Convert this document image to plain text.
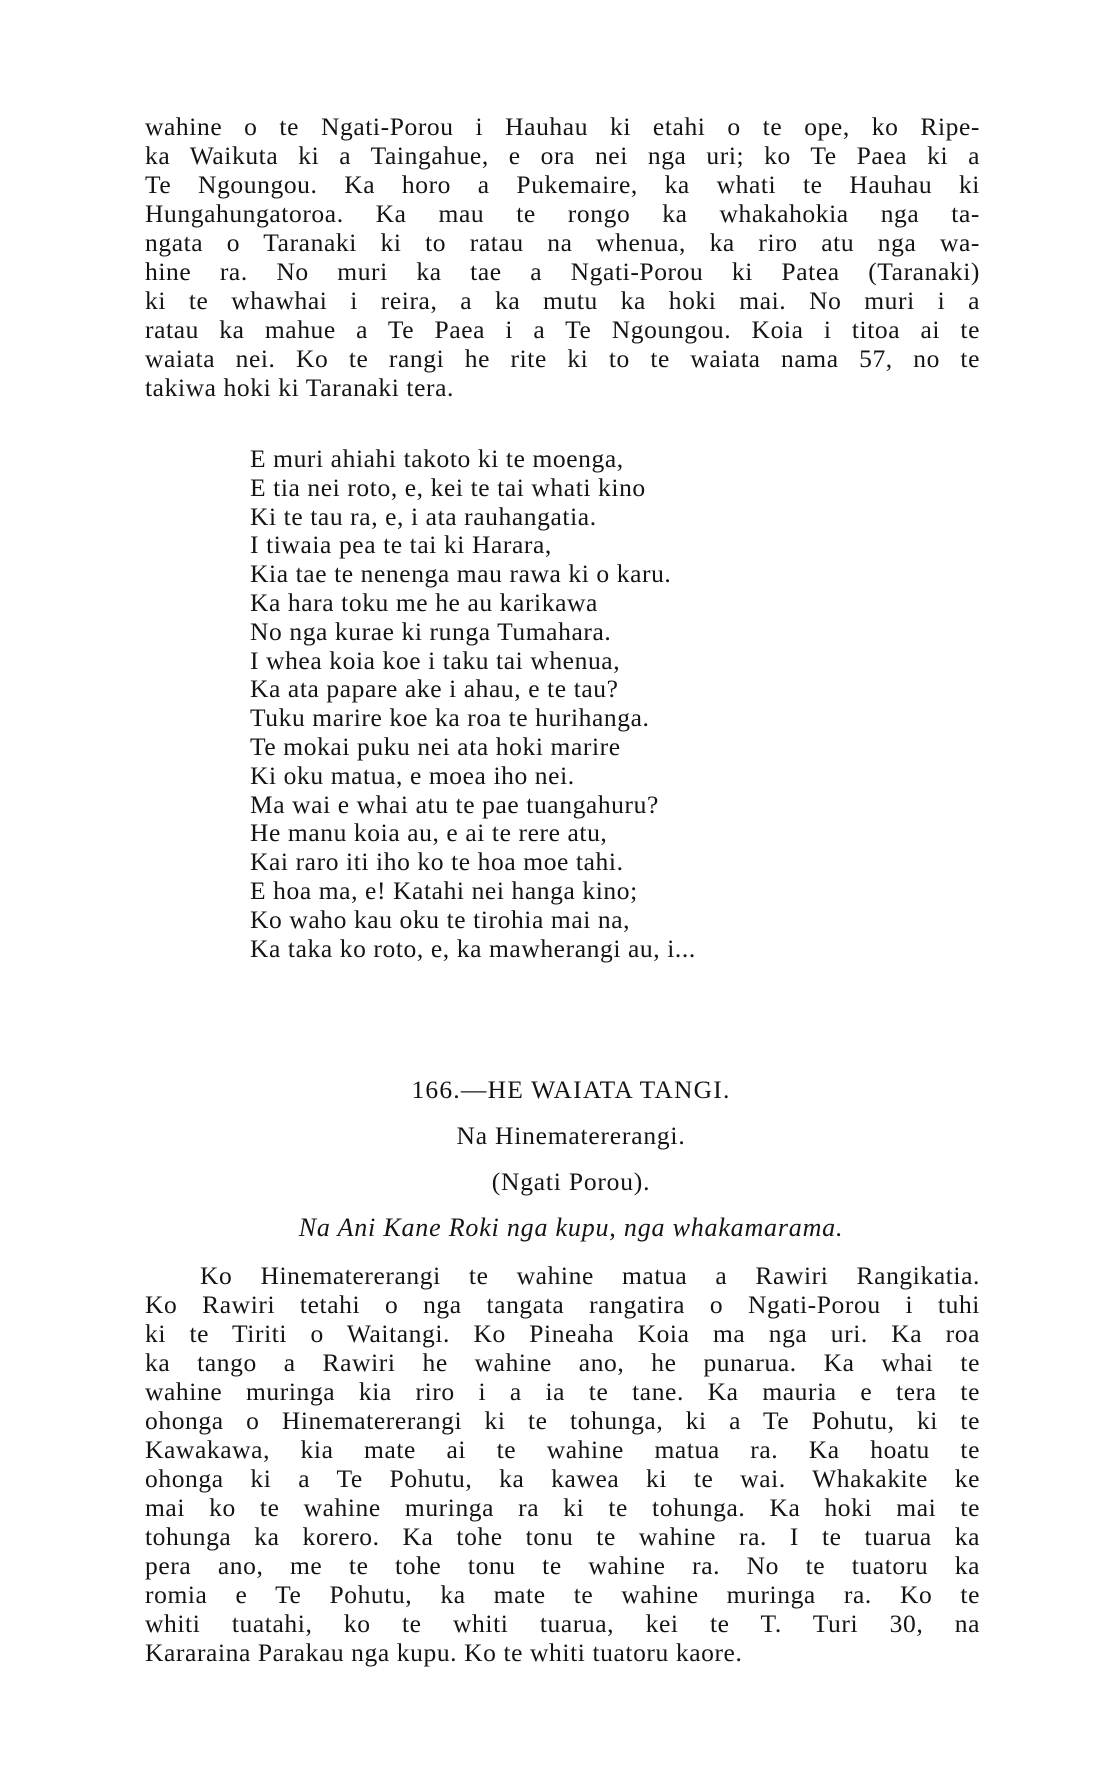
wahine o te Ngati-Porou i Hauhau ki etahi o te ope, ko Ripe-
ka Waikuta ki a Taingahue, e ora nei nga uri; ko Te Paea ki a
Te Ngoungou. Ka horo a Pukemaire, ka whati te Hauhau ki
Hungahungatoroa. Ka mau te rongo ka whakahokia nga ta-
ngata o Taranaki ki to ratau na whenua, ka riro atu nga wa-
hine ra. No muri ka tae a Ngati-Porou ki Patea (Taranaki)
ki te whawhai i reira, a ka mutu ka hoki mai. No muri i a
ratau ka mahue a Te Paea i a Te Ngoungou. Koia i titoa ai te
waiata nei. Ko te rangi he rite ki to te waiata nama 57, no te
takiwa hoki ki Taranaki tera.
E muri ahiahi takoto ki te moenga,
E tia nei roto, e, kei te tai whati kino
Ki te tau ra, e, i ata rauhangatia.
I tiwaia pea te tai ki Harara,
Kia tae te nenenga mau rawa ki o karu.
Ka hara toku me he au karikawa
No nga kurae ki runga Tumahara.
I whea koia koe i taku tai whenua,
Ka ata papare ake i ahau, e te tau?
Tuku marire koe ka roa te hurihanga.
Te mokai puku nei ata hoki marire
Ki oku matua, e moea iho nei.
Ma wai e whai atu te pae tuangahuru?
He manu koia au, e ai te rere atu,
Kai raro iti iho ko te hoa moe tahi.
E hoa ma, e! Katahi nei hanga kino;
Ko waho kau oku te tirohia mai na,
Ka taka ko roto, e, ka mawherangi au, i...
166.—HE WAIATA TANGI.
Na Hinematererangi.
(Ngati Porou).
Na Ani Kane Roki nga kupu, nga whakamarama.
Ko Hinematererangi te wahine matua a Rawiri Rangikatia.
Ko Rawiri tetahi o nga tangata rangatira o Ngati-Porou i tuhi
ki te Tiriti o Waitangi. Ko Pineaha Koia ma nga uri. Ka roa
ka tango a Rawiri he wahine ano, he punarua. Ka whai te
wahine muringa kia riro i a ia te tane. Ka mauria e tera te
ohonga o Hinematererangi ki te tohunga, ki a Te Pohutu, ki te
Kawakawa, kia mate ai te wahine matua ra. Ka hoatu te
ohonga ki a Te Pohutu, ka kawea ki te wai. Whakakite ke
mai ko te wahine muringa ra ki te tohunga. Ka hoki mai te
tohunga ka korero. Ka tohe tonu te wahine ra. I te tuarua ka
pera ano, me te tohe tonu te wahine ra. No te tuatoru ka
romia e Te Pohutu, ka mate te wahine muringa ra. Ko te
whiti tuatahi, ko te whiti tuarua, kei te T. Turi 30, na
Kararaina Parakau nga kupu. Ko te whiti tuatoru kaore.
